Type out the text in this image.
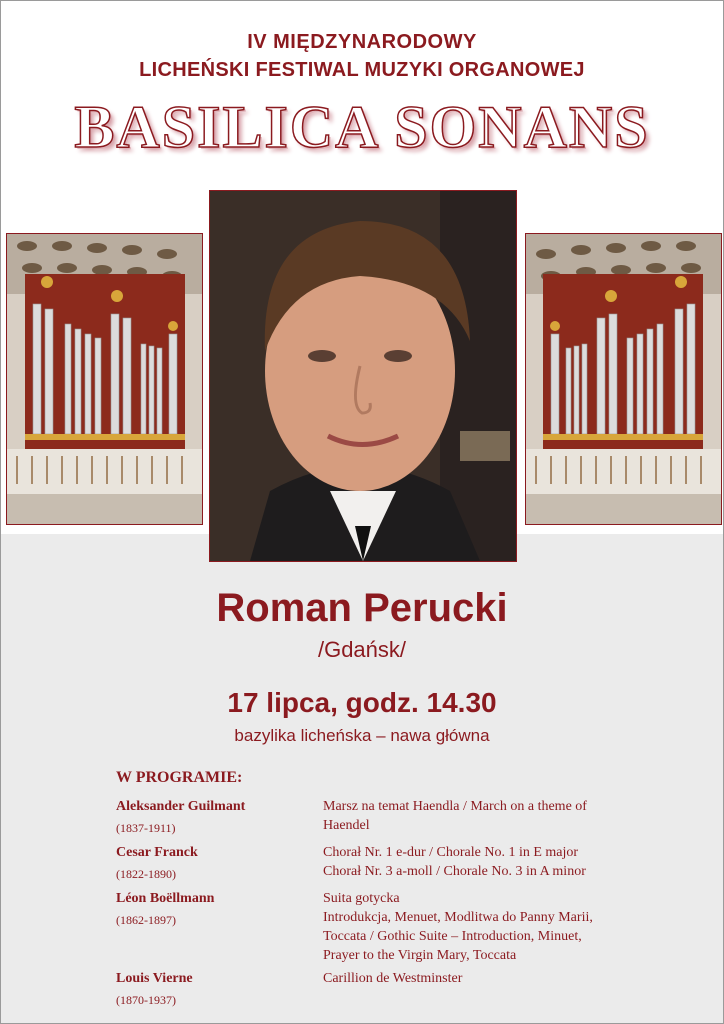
IV MIĘDZYNARODOWY
LICHEŃSKI FESTIWAL MUZYKI ORGANOWEJ
BASILICA SONANS
Roman Perucki
/Gdańsk/
17 lipca, godz. 14.30
bazylika licheńska – nawa główna
W PROGRAMIE:
Aleksander Guilmant
(1837-1911)
Marsz na temat Haendla / March on a theme of
Haendel
Cesar Franck
(1822-1890)
Chorał Nr. 1 e-dur / Chorale No. 1 in E major
Chorał Nr. 3 a-moll / Chorale No. 3 in A minor
Léon Boëllmann
(1862-1897)
Suita gotycka
Introdukcja, Menuet, Modlitwa do Panny Marii,
Toccata / Gothic Suite – Introduction, Minuet,
Prayer to the Virgin Mary, Toccata
Louis Vierne
(1870-1937)
Carillion de Westminster
